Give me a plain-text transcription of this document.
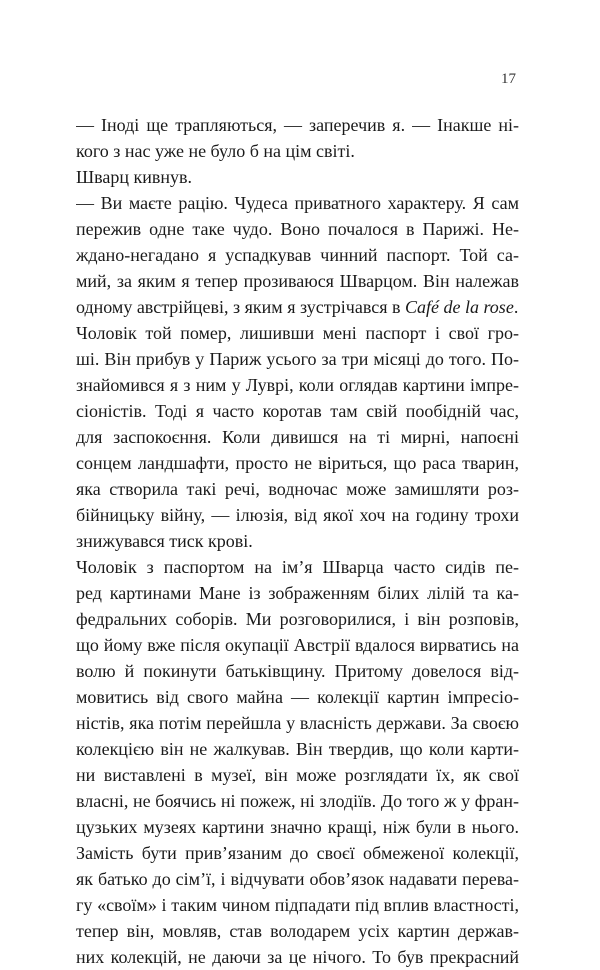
17
— Іноді ще трапляються, — заперечив я. — Інакше ні-
кого з нас уже не було б на цім світі.
Шварц кивнув.
— Ви маєте рацію. Чудеса приватного характеру. Я сам
пережив одне таке чудо. Воно почалося в Парижі. Не-
ждано-негадано я успадкував чинний паспорт. Той са-
мий, за яким я тепер прозиваюся Шварцом. Він належав
одному австрійцеві, з яким я зустрічався в Café de la rose.
Чоловік той помер, лишивши мені паспорт і свої гро-
ші. Він прибув у Париж усього за три місяці до того. По-
знайомився я з ним у Луврі, коли оглядав картини імпре-
сіоністів. Тоді я часто коротав там свій пообідній час,
для заспокоєння. Коли дивишся на ті мирні, напоєні
сонцем ландшафти, просто не віриться, що раса тварин,
яка створила такі речі, водночас може замишляти роз-
бійницьку війну, — ілюзія, від якої хоч на годину трохи
знижувався тиск крові.
Чоловік з паспортом на ім’я Шварца часто сидів пе-
ред картинами Мане із зображенням білих лілій та ка-
федральних соборів. Ми розговорилися, і він розповів,
що йому вже після окупації Австрії вдалося вирватись на
волю й покинути батьківщину. Притому довелося від-
мовитись від свого майна — колекції картин імпресіо-
ністів, яка потім перейшла у власність держави. За своєю
колекцією він не жалкував. Він твердив, що коли карти-
ни виставлені в музеї, він може розглядати їх, як свої
власні, не боячись ні пожеж, ні злодіїв. До того ж у фран-
цузьких музеях картини значно кращі, ніж були в нього.
Замість бути прив’язаним до своєї обмеженої колекції,
як батько до сім’ї, і відчувати обов’язок надавати перева-
гу «своїм» і таким чином підпадати під вплив властності,
тепер він, мовляв, став володарем усіх картин держав-
них колекцій, не даючи за це нічого. То був прекрасний
